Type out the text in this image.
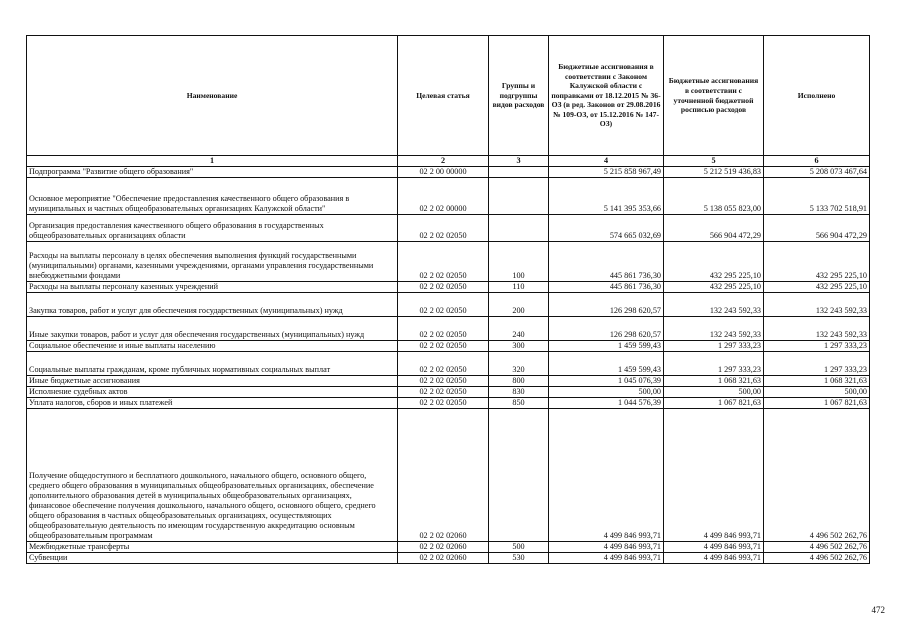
Наименование	Целевая статья	Группы и подгруппы видов расходов	Бюджетные ассигнования в соответствии с Законом Калужской области с поправками от 18.12.2015 № 36-ОЗ (в ред. Законов от 29.08.2016 № 109-ОЗ, от 15.12.2016 № 147-ОЗ)	Бюджетные ассигнования в соответствии с уточненной бюджетной росписью расходов	Исполнено
1	2	3	4	5	6
Подпрограмма "Развитие общего образования"	02 2 00 00000		5 215 858 967,49	5 212 519 436,83	5 208 073 467,64
Основное мероприятие "Обеспечение предоставления качественного общего образования в муниципальных и частных общеобразовательных организациях Калужской области"	02 2 02 00000		5 141 395 353,66	5 138 055 823,00	5 133 702 518,91
Организация предоставления качественного общего образования в государственных общеобразовательных организациях области	02 2 02 02050		574 665 032,69	566 904 472,29	566 904 472,29
Расходы на выплаты персоналу в целях обеспечения выполнения функций государственными (муниципальными) органами, казенными учреждениями, органами управления государственными внебюджетными фондами	02 2 02 02050	100	445 861 736,30	432 295 225,10	432 295 225,10
Расходы на выплаты персоналу казенных учреждений	02 2 02 02050	110	445 861 736,30	432 295 225,10	432 295 225,10
Закупка товаров, работ и услуг для обеспечения государственных (муниципальных) нужд	02 2 02 02050	200	126 298 620,57	132 243 592,33	132 243 592,33
Иные закупки товаров, работ и услуг для обеспечения государственных (муниципальных) нужд	02 2 02 02050	240	126 298 620,57	132 243 592,33	132 243 592,33
Социальное обеспечение и иные выплаты населению	02 2 02 02050	300	1 459 599,43	1 297 333,23	1 297 333,23
Социальные выплаты гражданам, кроме публичных нормативных социальных выплат	02 2 02 02050	320	1 459 599,43	1 297 333,23	1 297 333,23
Иные бюджетные ассигнования	02 2 02 02050	800	1 045 076,39	1 068 321,63	1 068 321,63
Исполнение судебных актов	02 2 02 02050	830	500,00	500,00	500,00
Уплата налогов, сборов и иных платежей	02 2 02 02050	850	1 044 576,39	1 067 821,63	1 067 821,63
Получение общедоступного и бесплатного дошкольного, начального общего, основного общего, среднего общего образования в муниципальных общеобразовательных организациях, обеспечение дополнительного образования детей в муниципальных общеобразовательных организациях, финансовое обеспечение получения дошкольного, начального общего, основного общего, среднего общего образования в частных общеобразовательных организациях, осуществляющих общеобразовательную деятельность по имеющим государственную аккредитацию основным общеобразовательным программам	02 2 02 02060		4 499 846 993,71	4 499 846 993,71	4 496 502 262,76
Межбюджетные трансферты	02 2 02 02060	500	4 499 846 993,71	4 499 846 993,71	4 496 502 262,76
Субвенции	02 2 02 02060	530	4 499 846 993,71	4 499 846 993,71	4 496 502 262,76
472
